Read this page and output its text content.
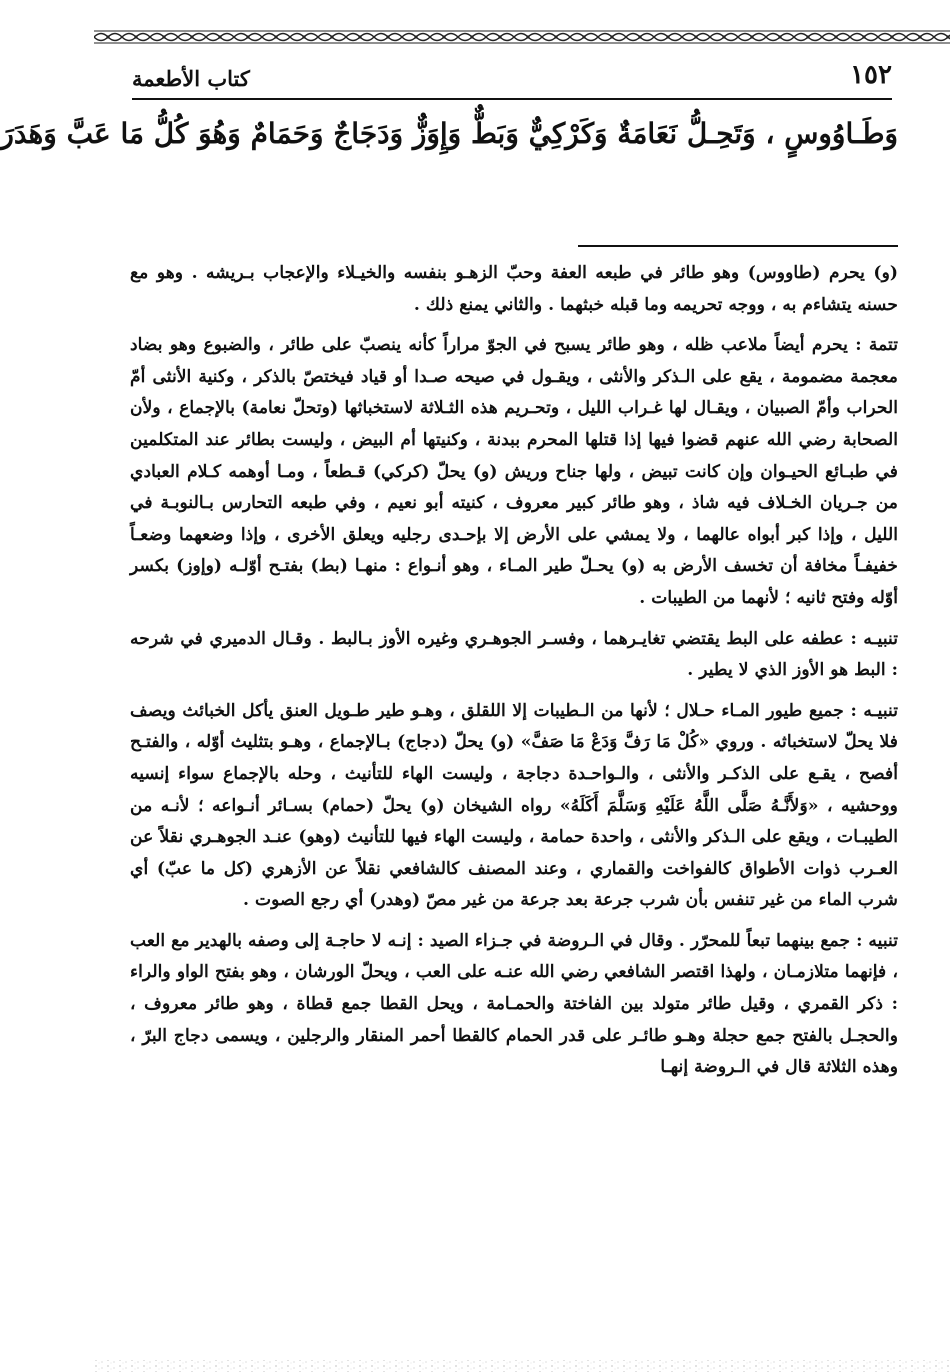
١٥٢
كتاب الأطعمة
وَطَـاوُوسٍ ، وَتَحِـلُّ نَعَامَةٌ وَكَرْكِيٌّ وَبَطٌّ وَإِوَزٌّ وَدَجَاجٌ وَحَمَامٌ وَهُوَ كُلُّ مَا عَبَّ وَهَدَرَ

(و) يحرم (طاووس) وهو طائر في طبعه العفة وحبّ الزهـو بنفسه والخيـلاء والإعجاب بـريشه . وهو مع حسنه يتشاءم به ، ووجه تحريمه وما قبله خبثهما . والثاني يمنع ذلك .

تتمة : يحرم أيضاً ملاعب ظله ، وهو طائر يسبح في الجوّ مراراً كأنه ينصبّ على طائر ، والضبوع وهو بضاد معجمة مضمومة ، يقع على الـذكر والأنثى ، ويقـول في صيحه صـدا أو قياد فيختصّ بالذكر ، وكنية الأنثى أمّ الحراب وأمّ الصبيان ، ويقـال لها غـراب الليل ، وتحـريم هذه الثـلاثة لاستخباثها (وتحلّ نعامة) بالإجماع ، ولأن الصحابة رضي الله عنهم قضوا فيها إذا قتلها المحرم ببدنة ، وكنيتها أم البيض ، وليست بطائر عند المتكلمين في طبـائع الحيـوان وإن كانت تبيض ، ولها جناح وريش (و) يحلّ (كركي) قـطعاً ، ومـا أوهمه كـلام العبادي من جـريان الخـلاف فيه شاذ ، وهو طائر كبير معروف ، كنيته أبو نعيم ، وفي طبعه التحارس بـالنوبـة في الليل ، وإذا كبر أبواه عالهما ، ولا يمشي على الأرض إلا بإحـدى رجليه ويعلق الأخرى ، وإذا وضعهما وضعـاً خفيفـاً مخافة أن تخسف الأرض به (و) يحـلّ طير المـاء ، وهو أنـواع : منهـا (بط) بفتـح أوّلـه (وإوز) بكسر أوّله وفتح ثانيه ؛ لأنهما من الطيبات .

تنبيـه : عطفه على البط يقتضي تغايـرهما ، وفسـر الجوهـري وغيره الأوز بـالبط . وقـال الدميري في شرحه : البط هو الأوز الذي لا يطير .

تنبيـه : جميع طيور المـاء حـلال ؛ لأنها من الـطيبات إلا اللقلق ، وهـو طير طـويل العنق يأكل الخبائث ويصف فلا يحلّ لاستخباثه . وروي «كُلْ مَا رَفَّ وَدَعْ مَا صَفَّ» (و) يحلّ (دجاج) بـالإجماع ، وهـو بتثليث أوّله ، والفتـح أفصح ، يقـع على الذكـر والأنثى ، والـواحـدة دجاجة ، وليست الهاء للتأنيث ، وحله بالإجماع سواء إنسيه ووحشيه ، «وَلأَنَّـهُ صَلَّى اللَّهُ عَلَيْهِ وَسَلَّمَ أَكَلَهُ» رواه الشيخان (و) يحلّ (حمام) بسـائر أنـواعه ؛ لأنـه من الطيبـات ، ويقع على الـذكر والأنثى ، واحدة حمامة ، وليست الهاء فيها للتأنيث (وهو) عنـد الجوهـري نقلاً عن العـرب ذوات الأطواق كالفواخت والقماري ، وعند المصنف كالشافعي نقلاً عن الأزهري (كل ما عبّ) أي شرب الماء من غير تنفس بأن شرب جرعة بعد جرعة من غير مصّ (وهدر) أي رجع الصوت .

تنبيه : جمع بينهما تبعاً للمحرّر . وقال في الـروضة في جـزاء الصيد : إنـه لا حاجـة إلى وصفه بالهدير مع العب ، فإنهما متلازمـان ، ولهذا اقتصر الشافعي رضي الله عنـه على العب ، ويحلّ الورشان ، وهو بفتح الواو والراء : ذكر القمري ، وقيل طائر متولد بين الفاختة والحمـامة ، ويحل القطا جمع قطاة ، وهو طائر معروف ، والحجـل بالفتح جمع حجلة وهـو طائـر على قدر الحمام كالقطا أحمر المنقار والرجلين ، ويسمى دجاج البرّ ، وهذه الثلاثة قال في الـروضة إنهـا
